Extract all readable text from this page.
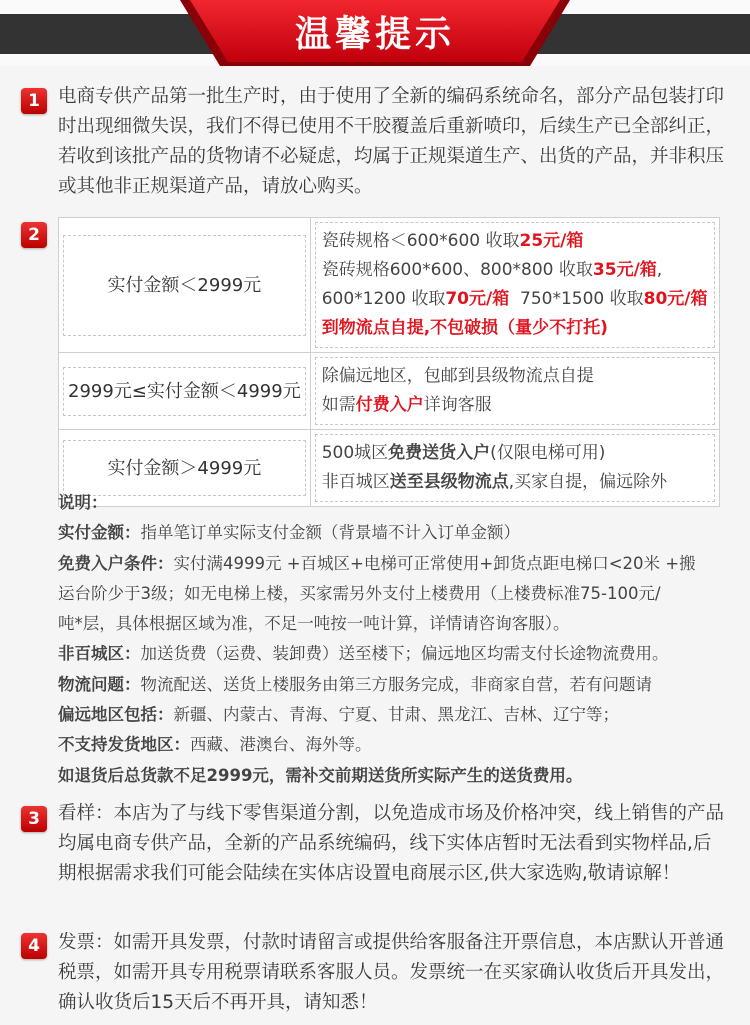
温馨提示
1 电商专供产品第一批生产时，由于使用了全新的编码系统命名，部分产品包装打印时出现细微失误，我们不得已使用不干胶覆盖后重新喷印，后续生产已全部纠正，若收到该批产品的货物请不必疑虑，均属于正规渠道生产、出货的产品，并非积压或其他非正规渠道产品，请放心购买。
2
实付金额＜2999元	瓷砖规格＜600*600 收取25元/箱
瓷砖规格600*600、800*800 收取35元/箱,
600*1200 收取70元/箱  750*1500 收取80元/箱
到物流点自提,不包破损（量少不打托)

2999元≤实付金额＜4999元	除偏远地区，包邮到县级物流点自提
如需付费入户详询客服

实付金额＞4999元	500城区免费送货入户(仅限电梯可用)
非百城区送至县级物流点,买家自提，偏远除外
说明：
实付金额：指单笔订单实际支付金额（背景墙不计入订单金额）
免费入户条件：实付满4999元 +百城区+电梯可正常使用+卸货点距电梯口<20米 +搬
运台阶少于3级；如无电梯上楼，买家需另外支付上楼费用（上楼费标准75-100元/
吨*层，具体根据区域为准，不足一吨按一吨计算，详情请咨询客服）。
非百城区：加送货费（运费、装卸费）送至楼下；偏远地区均需支付长途物流费用。
物流问题：物流配送、送货上楼服务由第三方服务完成，非商家自营，若有问题请
偏远地区包括：新疆、内蒙古、青海、宁夏、甘肃、黑龙江、吉林、辽宁等；
不支持发货地区：西藏、港澳台、海外等。
如退货后总货款不足2999元，需补交前期送货所实际产生的送货费用。
3 看样：本店为了与线下零售渠道分割，以免造成市场及价格冲突，线上销售的产品均属电商专供产品，全新的产品系统编码，线下实体店暂时无法看到实物样品,后期根据需求我们可能会陆续在实体店设置电商展示区,供大家选购,敬请谅解！
4 发票：如需开具发票，付款时请留言或提供给客服备注开票信息，本店默认开普通税票，如需开具专用税票请联系客服人员。发票统一在买家确认收货后开具发出，确认收货后15天后不再开具，请知悉！
